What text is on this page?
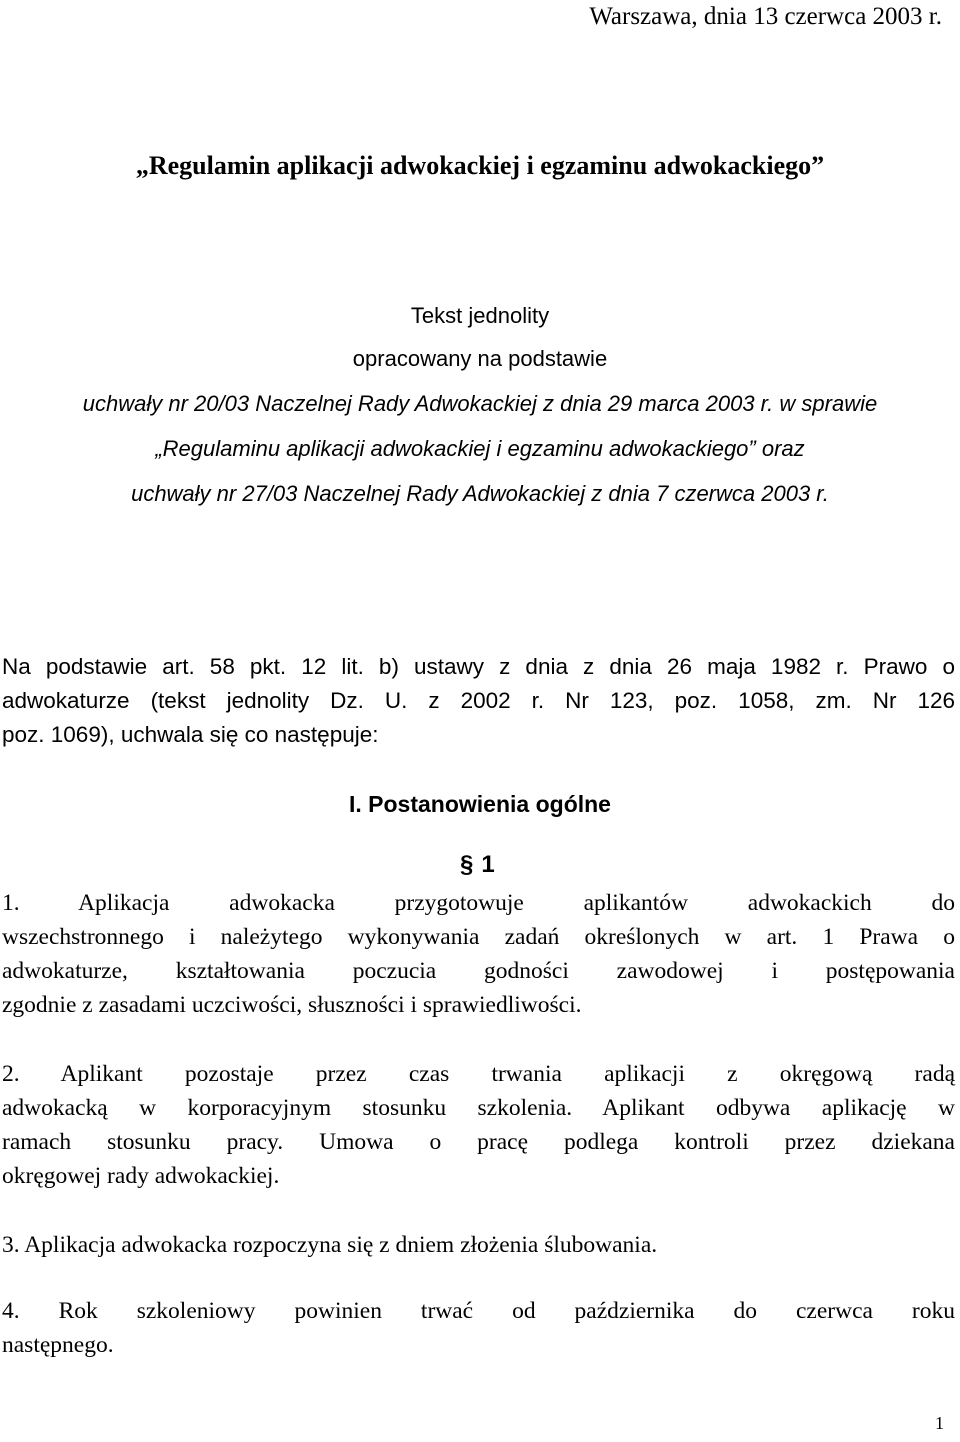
Warszawa, dnia 13 czerwca 2003 r.
„Regulamin aplikacji adwokackiej i egzaminu adwokackiego”
Tekst jednolity
opracowany na podstawie
uchwały nr 20/03 Naczelnej Rady Adwokackiej z dnia 29 marca 2003 r. w sprawie
„Regulaminu aplikacji adwokackiej i egzaminu adwokackiego” oraz
uchwały nr 27/03 Naczelnej Rady Adwokackiej z dnia 7 czerwca 2003 r.
Na podstawie art. 58 pkt. 12 lit. b) ustawy z dnia z dnia 26 maja 1982 r. Prawo o
adwokaturze (tekst jednolity Dz. U. z 2002 r. Nr 123, poz. 1058, zm. Nr 126
poz. 1069), uchwala się co następuje:
I. Postanowienia ogólne
§ 1
1. Aplikacja adwokacka przygotowuje aplikantów adwokackich do
wszechstronnego i należytego wykonywania zadań określonych w art. 1 Prawa o
adwokaturze, kształtowania poczucia godności zawodowej i postępowania
zgodnie z zasadami uczciwości, słuszności i sprawiedliwości.
2. Aplikant pozostaje przez czas trwania aplikacji z okręgową radą
adwokacką w korporacyjnym stosunku szkolenia. Aplikant odbywa aplikację w
ramach stosunku pracy. Umowa o pracę podlega kontroli przez dziekana
okręgowej rady adwokackiej.
3. Aplikacja adwokacka rozpoczyna się z dniem złożenia ślubowania.
4. Rok szkoleniowy powinien trwać od października do czerwca roku
następnego.
1
